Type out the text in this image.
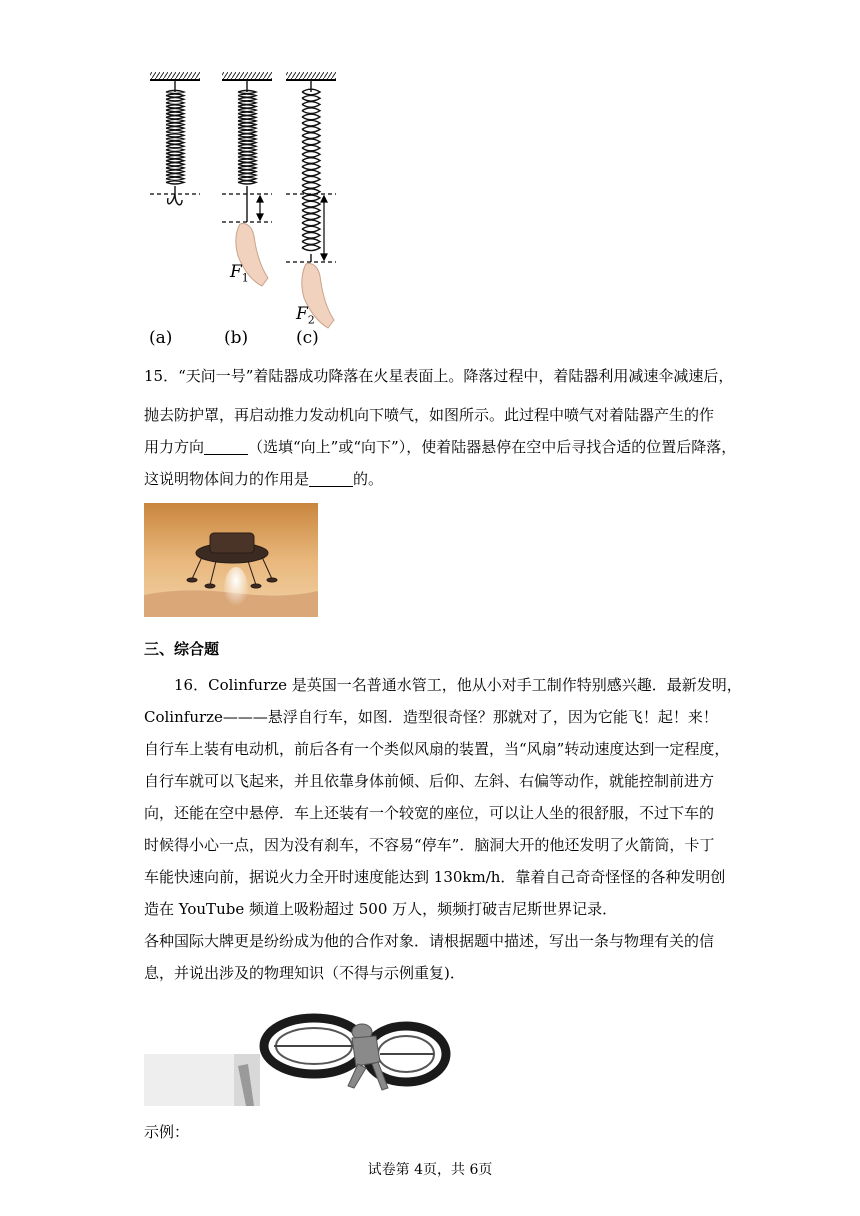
$F_1$
$F_2$
(a)	(b)	(c)
15．“天问一号”着陆器成功降落在火星表面上。降落过程中，着陆器利用减速伞减速后，
抛去防护罩，再启动推力发动机向下喷气，如图所示。此过程中喷气对着陆器产生的作
用力方向	（选填“向上”或“向下”），使着陆器悬停在空中后寻找合适的位置后降落，
这说明物体间力的作用是	的。
三、综合题
16．Colinfurze 是英国一名普通水管工，他从小对手工制作特别感兴趣．最新发明，
Colinfurze———悬浮自行车，如图．造型很奇怪？那就对了，因为它能飞！起！来！
自行车上装有电动机，前后各有一个类似风扇的装置，当“风扇”转动速度达到一定程度，
自行车就可以飞起来，并且依靠身体前倾、后仰、左斜、右偏等动作，就能控制前进方
向，还能在空中悬停．车上还装有一个较宽的座位，可以让人坐的很舒服，不过下车的
时候得小心一点，因为没有刹车，不容易“停车”．脑洞大开的他还发明了火箭筒，卡丁
车能快速向前，据说火力全开时速度能达到 130km/h．靠着自己奇奇怪怪的各种发明创
造在 YouTube 频道上吸粉超过 500 万人，频频打破吉尼斯世界记录．
各种国际大牌更是纷纷成为他的合作对象．请根据题中描述，写出一条与物理有关的信
息，并说出涉及的物理知识（不得与示例重复)．
示例：
试卷第 4页，共 6页
